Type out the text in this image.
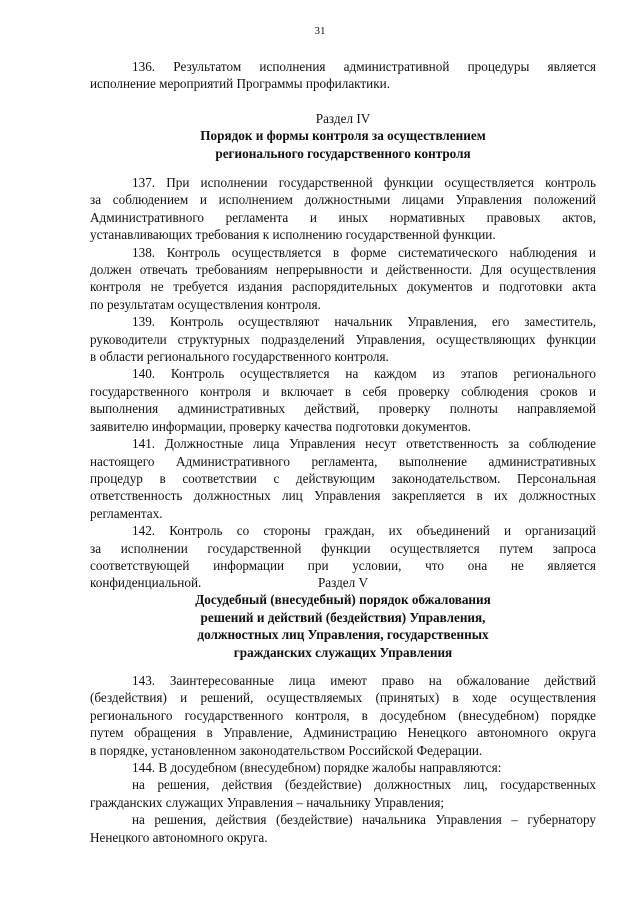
31

136. Результатом исполнения административной процедуры является

исполнение мероприятий Программы профилактики.

Раздел IV

Порядок и формы контроля за осуществлением

регионального государственного контроля

137. При исполнении государственной функции осуществляется контроль

за соблюдением и исполнением должностными лицами Управления положений

Административного регламента и иных нормативных правовых актов,

устанавливающих требования к исполнению государственной функции.

138. Контроль осуществляется в форме систематического наблюдения и

должен отвечать требованиям непрерывности и действенности. Для осуществления

контроля не требуется издания распорядительных документов и подготовки акта

по результатам осуществления контроля.

139. Контроль осуществляют начальник Управления, его заместитель,

руководители структурных подразделений Управления, осуществляющих функции

в области регионального государственного контроля.

140. Контроль осуществляется на каждом из этапов регионального

государственного контроля и включает в себя проверку соблюдения сроков и

выполнения административных действий, проверку полноты направляемой

заявителю информации, проверку качества подготовки документов.

141. Должностные лица Управления несут ответственность за соблюдение

настоящего Административного регламента, выполнение административных

процедур в соответствии с действующим законодательством. Персональная

ответственность должностных лиц Управления закрепляется в их должностных

регламентах.

142. Контроль со стороны граждан, их объединений и организаций

за исполнении государственной функции осуществляется путем запроса

соответствующей информации при условии, что она не является

конфиденциальной.	Раздел V

Досудебный (внесудебный) порядок обжалования

решений и действий (бездействия) Управления,

должностных лиц Управления, государственных

гражданских служащих Управления

143. Заинтересованные лица имеют право на обжалование действий

(бездействия) и решений, осуществляемых (принятых) в ходе осуществления

регионального государственного контроля, в досудебном (внесудебном) порядке

путем обращения в Управление, Администрацию Ненецкого автономного округа

в порядке, установленном законодательством Российской Федерации.

144. В досудебном (внесудебном) порядке жалобы направляются:

на решения, действия (бездействие) должностных лиц, государственных

гражданских служащих Управления – начальнику Управления;

на решения, действия (бездействие) начальника Управления – губернатору

Ненецкого автономного округа.
